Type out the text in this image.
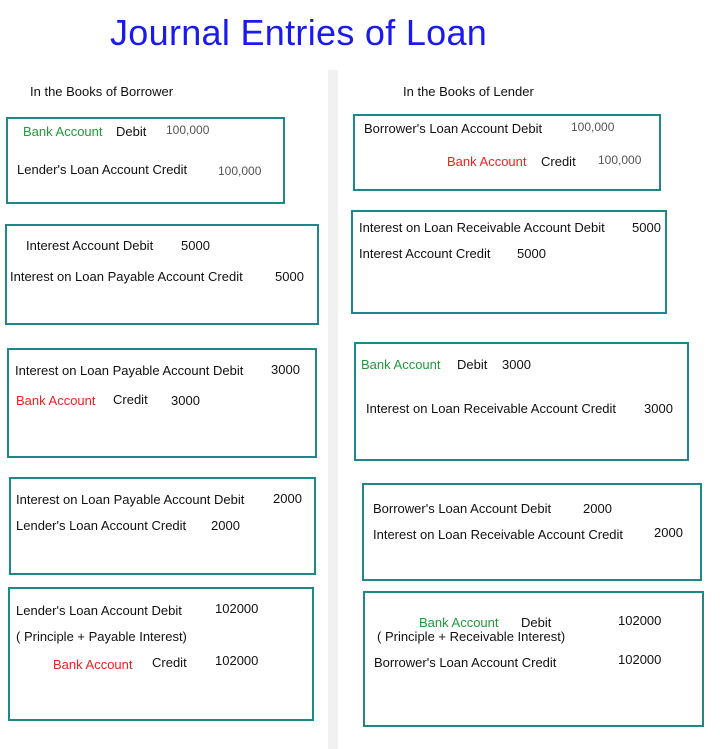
Journal Entries of Loan
In the Books of Borrower	In the Books of Lender
Bank Account Debit 100,000
Lender's Loan Account Credit	100,000
Interest Account Debit 5000
Interest on Loan Payable Account Credit 5000
Interest on Loan Payable Account Debit 3000
Bank Account Credit 3000
Interest on Loan Payable Account Debit 2000
Lender's Loan Account Credit 2000
Lender's Loan Account Debit	102000
( Principle + Payable Interest)
Bank Account Credit 102000
Borrower's Loan Account Debit 100,000
Bank Account Credit 100,000
Interest on Loan Receivable Account Debit 5000
Interest Account Credit 5000
Bank Account Debit 3000
Interest on Loan Receivable Account Credit 3000
Borrower's Loan Account Debit 2000
Interest on Loan Receivable Account Credit 2000
Bank Account Debit	102000
( Principle + Receivable Interest)
Borrower's Loan Account Credit	102000
